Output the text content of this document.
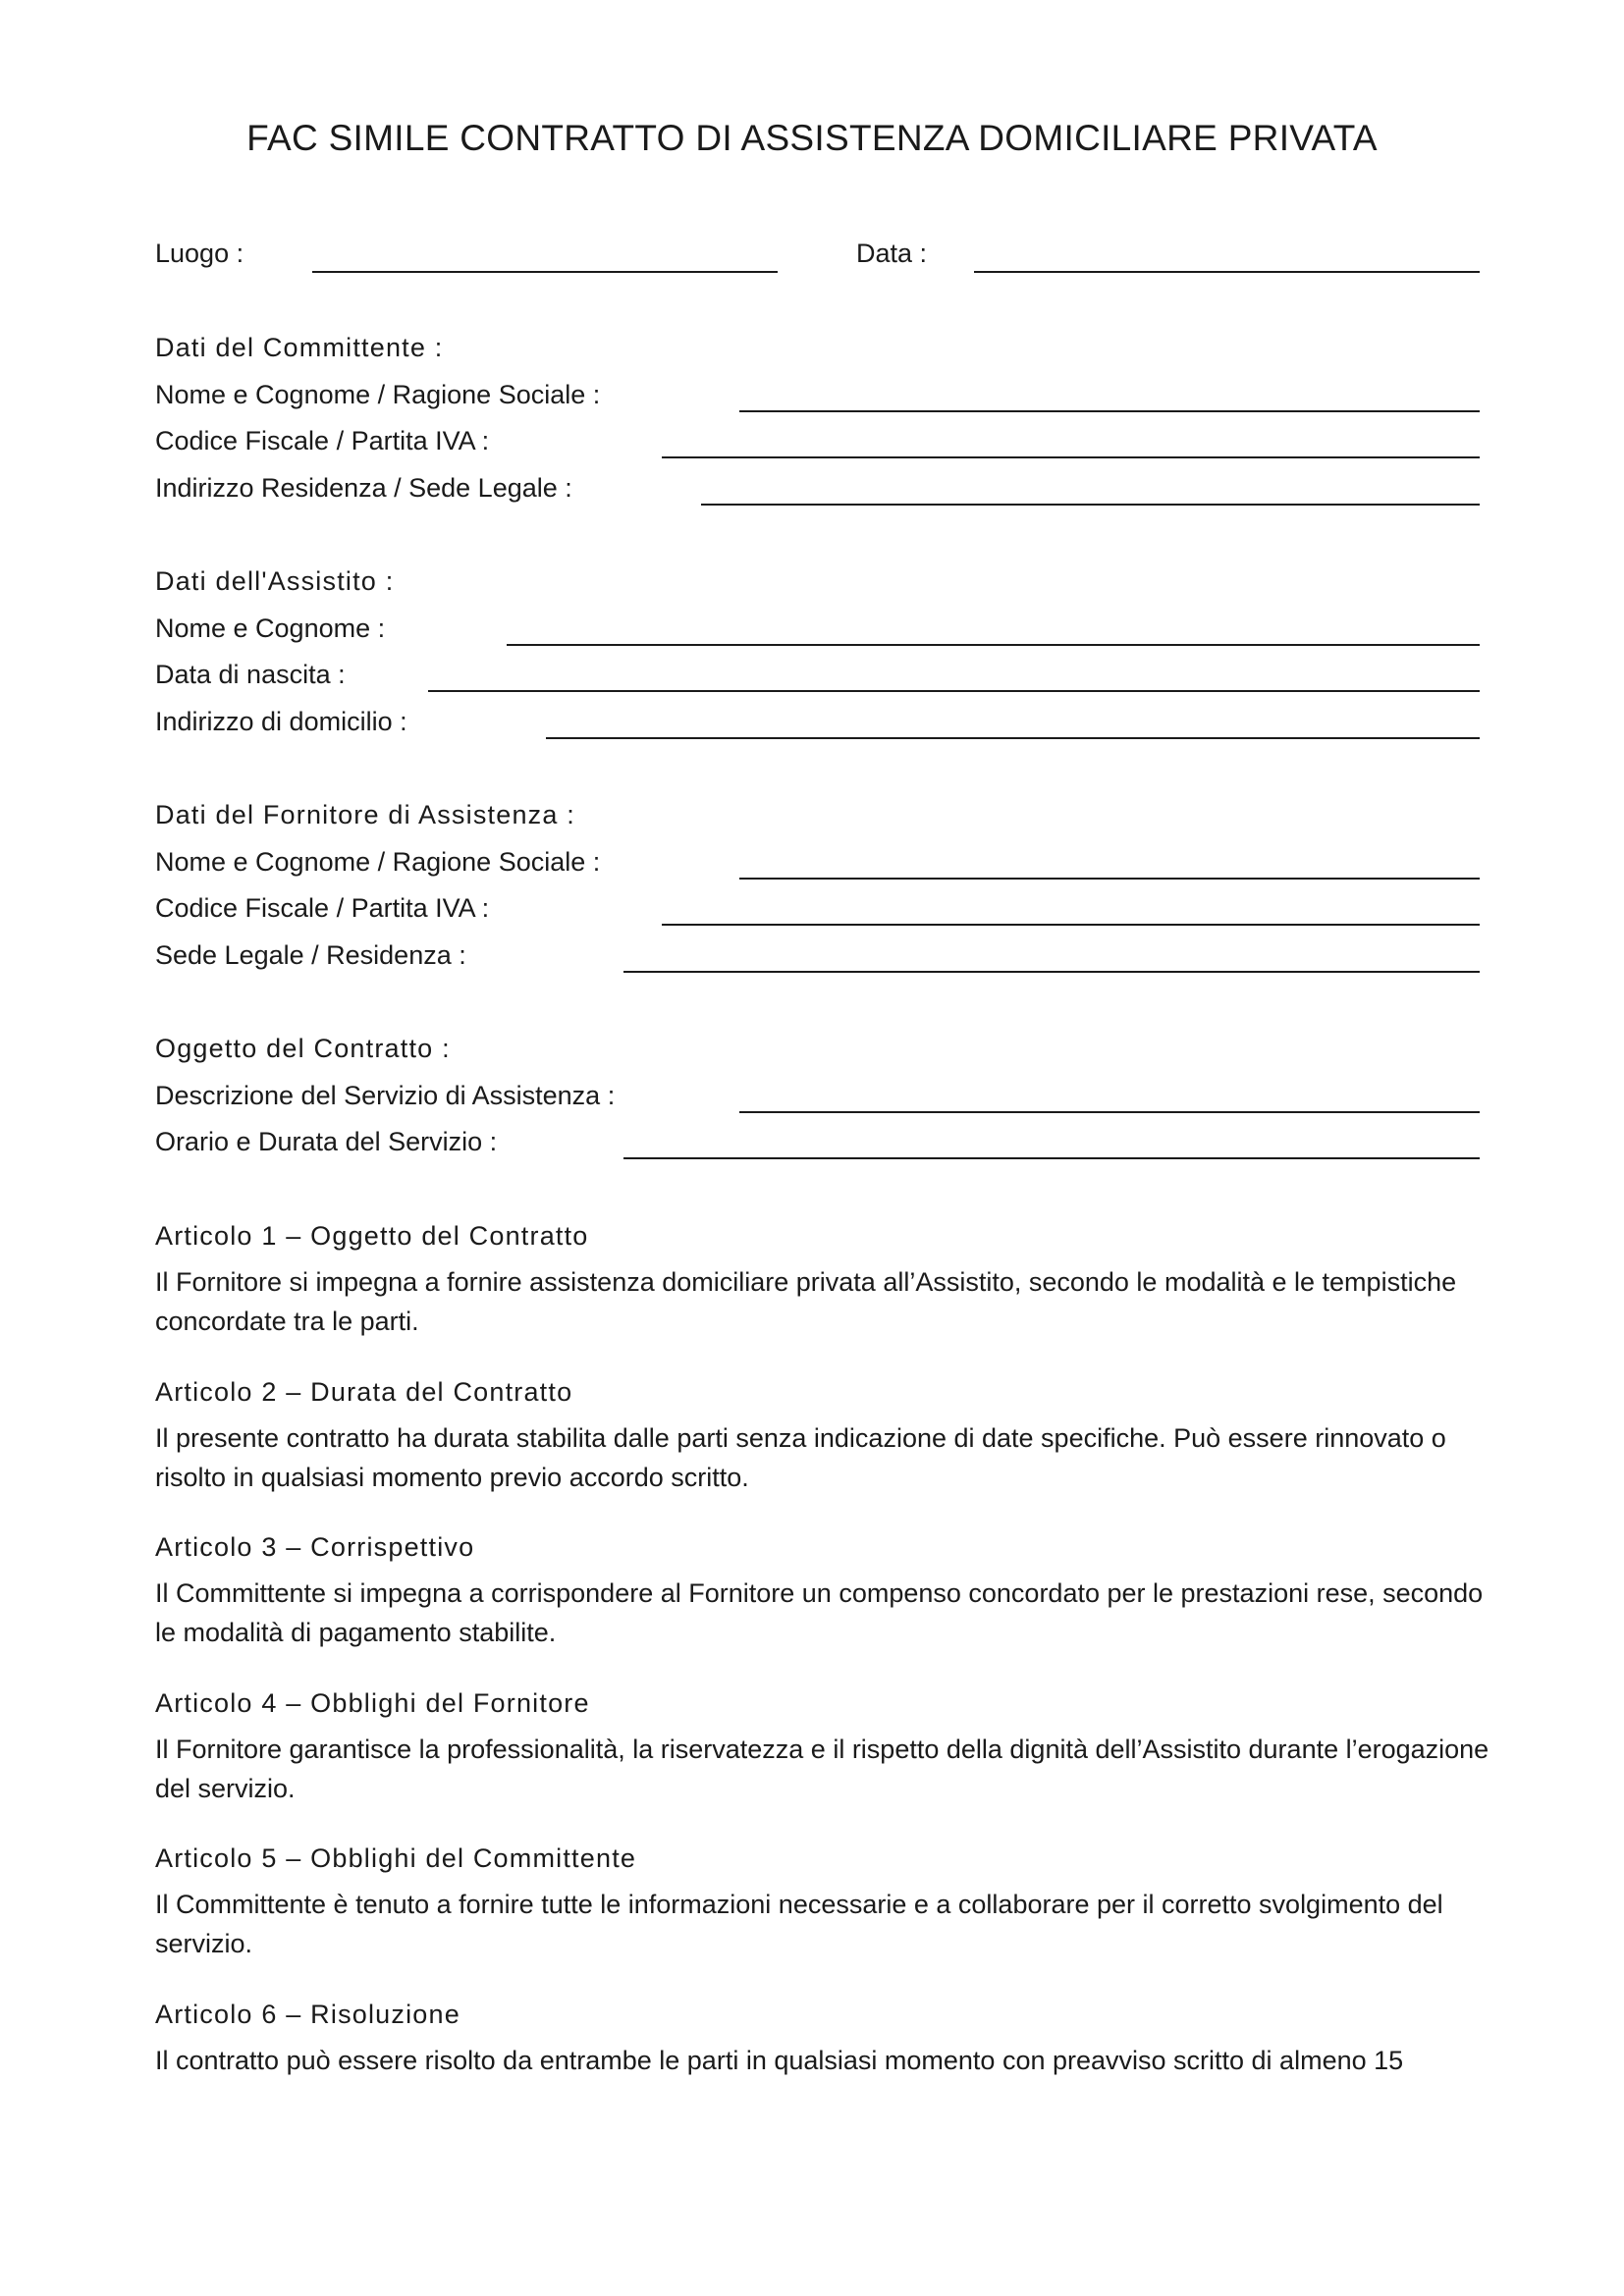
FAC SIMILE CONTRATTO DI ASSISTENZA DOMICILIARE PRIVATA
Luogo :	Data :
Dati del Committente :
Nome e Cognome / Ragione Sociale :
Codice Fiscale / Partita IVA :
Indirizzo Residenza / Sede Legale :
Dati dell'Assistito :
Nome e Cognome :
Data di nascita :
Indirizzo di domicilio :
Dati del Fornitore di Assistenza :
Nome e Cognome / Ragione Sociale :
Codice Fiscale / Partita IVA :
Sede Legale / Residenza :
Oggetto del Contratto :
Descrizione del Servizio di Assistenza :
Orario e Durata del Servizio :
Articolo 1 – Oggetto del Contratto

Il Fornitore si impegna a fornire assistenza domiciliare privata all’Assistito, secondo le modalità e le tempistiche concordate tra le parti.

Articolo 2 – Durata del Contratto

Il presente contratto ha durata stabilita dalle parti senza indicazione di date specifiche. Può essere rinnovato o risolto in qualsiasi momento previo accordo scritto.

Articolo 3 – Corrispettivo

Il Committente si impegna a corrispondere al Fornitore un compenso concordato per le prestazioni rese, secondo le modalità di pagamento stabilite.

Articolo 4 – Obblighi del Fornitore

Il Fornitore garantisce la professionalità, la riservatezza e il rispetto della dignità dell’Assistito durante l’erogazione del servizio.

Articolo 5 – Obblighi del Committente

Il Committente è tenuto a fornire tutte le informazioni necessarie e a collaborare per il corretto svolgimento del servizio.

Articolo 6 – Risoluzione

Il contratto può essere risolto da entrambe le parti in qualsiasi momento con preavviso scritto di almeno 15
